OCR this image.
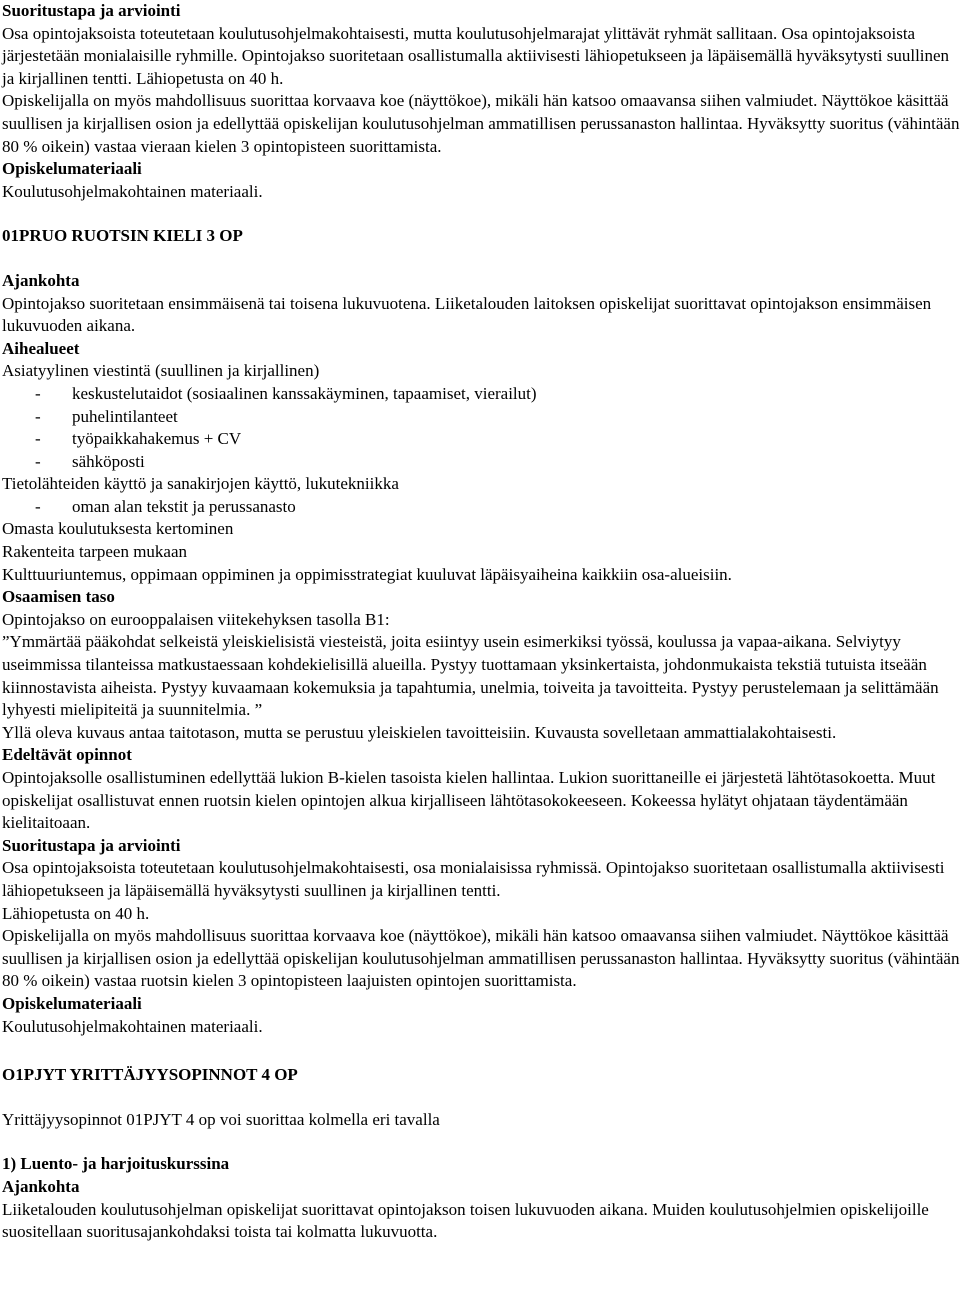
Suoritustapa ja arviointi

Osa opintojaksoista toteutetaan koulutusohjelmakohtaisesti, mutta koulutusohjelmarajat ylittävät ryhmät sallitaan. Osa opintojaksoista järjestetään monialaisille ryhmille. Opintojakso suoritetaan osallistumalla aktiivisesti lähiopetukseen ja läpäisemällä hyväksytysti suullinen ja kirjallinen tentti. Lähiopetusta on 40 h.

Opiskelijalla on myös mahdollisuus suorittaa korvaava koe (näyttökoe), mikäli hän katsoo omaavansa siihen valmiudet. Näyttökoe käsittää suullisen ja kirjallisen osion ja edellyttää opiskelijan koulutusohjelman ammatillisen perussanaston hallintaa. Hyväksytty suoritus (vähintään 80 % oikein) vastaa vieraan kielen 3 opintopisteen suorittamista.

Opiskelumateriaali

Koulutusohjelmakohtainen materiaali.

01PRUO RUOTSIN KIELI 3 OP

Ajankohta

Opintojakso suoritetaan ensimmäisenä tai toisena lukuvuotena. Liiketalouden laitoksen opiskelijat suorittavat opintojakson ensimmäisen lukuvuoden aikana.

Aihealueet

Asiatyylinen viestintä (suullinen ja kirjallinen)

-	keskustelutaidot (sosiaalinen kanssakäyminen, tapaamiset, vierailut)
-	puhelintilanteet
-	työpaikkahakemus + CV
-	sähköposti

Tietolähteiden käyttö ja sanakirjojen käyttö, lukutekniikka

-	oman alan tekstit ja perussanasto

Omasta koulutuksesta kertominen

Rakenteita tarpeen mukaan

Kulttuuriuntemus, oppimaan oppiminen ja oppimisstrategiat kuuluvat läpäisyaiheina kaikkiin osa-alueisiin.

Osaamisen taso

Opintojakso on eurooppalaisen viitekehyksen tasolla B1:

”Ymmärtää pääkohdat selkeistä yleiskielisistä viesteistä, joita esiintyy usein esimerkiksi työssä, koulussa ja vapaa-aikana. Selviytyy useimmissa tilanteissa matkustaessaan kohdekielisillä alueilla. Pystyy tuottamaan yksinkertaista, johdonmukaista tekstiä tutuista itseään kiinnostavista aiheista. Pystyy kuvaamaan kokemuksia ja tapahtumia, unelmia, toiveita ja tavoitteita. Pystyy perustelemaan ja selittämään lyhyesti mielipiteitä ja suunnitelmia. ”

Yllä oleva kuvaus antaa taitotason, mutta se perustuu yleiskielen tavoitteisiin. Kuvausta sovelletaan ammattialakohtaisesti.

Edeltävät opinnot

Opintojaksolle osallistuminen edellyttää lukion B-kielen tasoista kielen hallintaa. Lukion suorittaneille ei järjestetä lähtötasokoetta. Muut opiskelijat osallistuvat ennen ruotsin kielen opintojen alkua kirjalliseen lähtötasokokeeseen. Kokeessa hylätyt ohjataan täydentämään kielitaitoaan.

Suoritustapa ja arviointi

Osa opintojaksoista toteutetaan koulutusohjelmakohtaisesti, osa monialaisissa ryhmissä. Opintojakso suoritetaan osallistumalla aktiivisesti lähiopetukseen ja läpäisemällä hyväksytysti suullinen ja kirjallinen tentti.

Lähiopetusta on 40 h.

Opiskelijalla on myös mahdollisuus suorittaa korvaava koe (näyttökoe), mikäli hän katsoo omaavansa siihen valmiudet. Näyttökoe käsittää suullisen ja kirjallisen osion ja edellyttää opiskelijan koulutusohjelman ammatillisen perussanaston hallintaa. Hyväksytty suoritus (vähintään 80 % oikein) vastaa ruotsin kielen 3 opintopisteen laajuisten opintojen suorittamista.

Opiskelumateriaali

Koulutusohjelmakohtainen materiaali.

O1PJYT YRITTÄJYYSOPINNOT 4 OP

Yrittäjyysopinnot 01PJYT 4 op voi suorittaa kolmella eri tavalla

1) Luento- ja harjoituskurssina

Ajankohta

Liiketalouden koulutusohjelman opiskelijat suorittavat opintojakson toisen lukuvuoden aikana. Muiden koulutusohjelmien opiskelijoille suositellaan suoritusajankohdaksi toista tai kolmatta lukuvuotta.
